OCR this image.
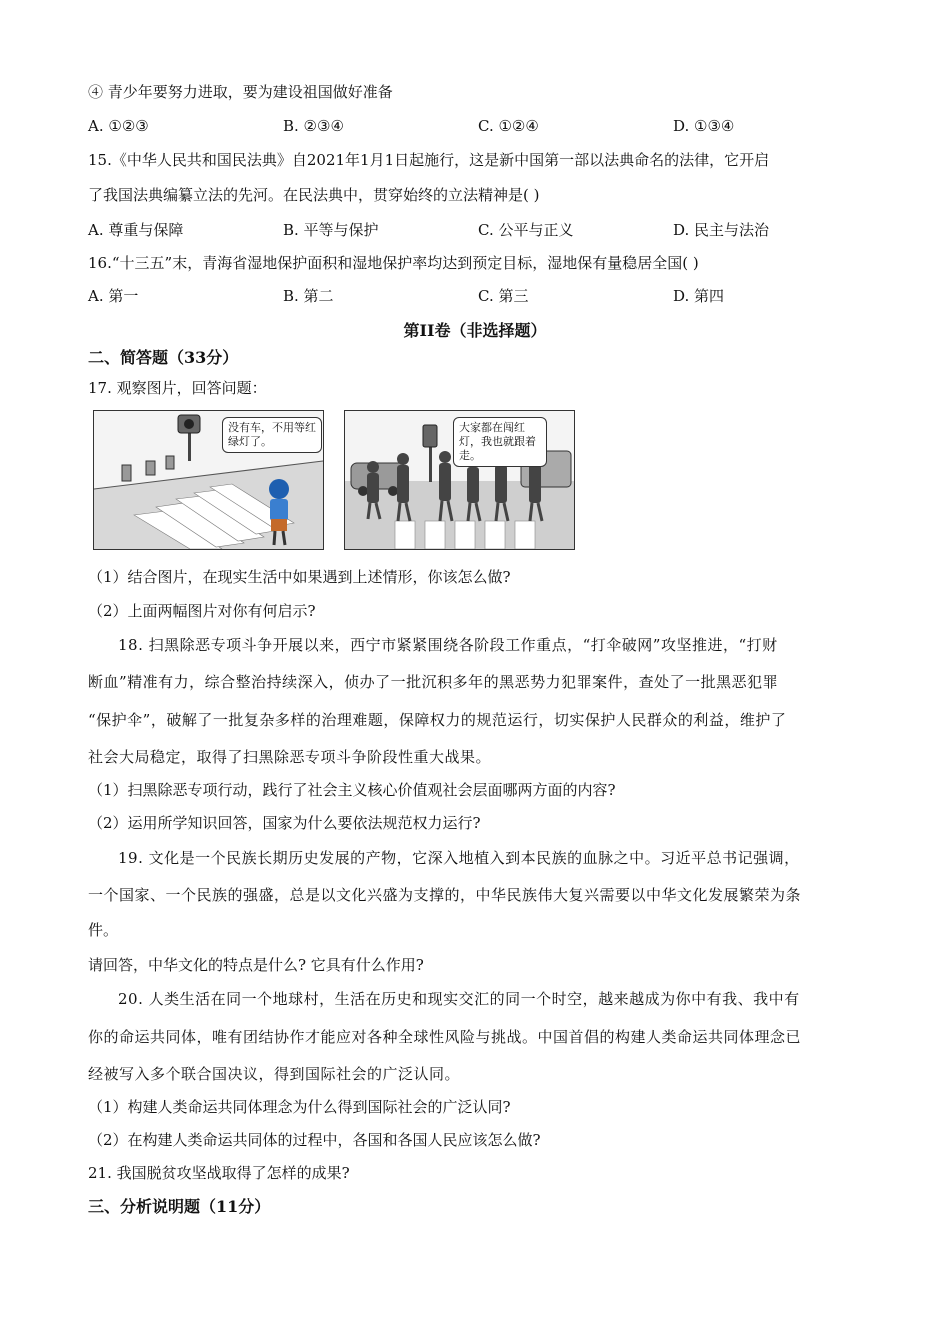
④ 青少年要努力进取，要为建设祖国做好准备
A. ①②③	B. ②③④	C. ①②④	D. ①③④
15.《中华人民共和国民法典》自2021年1月1日起施行，这是新中国第一部以法典命名的法律，它开启
了我国法典编纂立法的先河。在民法典中，贯穿始终的立法精神是( )
A. 尊重与保障	B. 平等与保护	C. 公平与正义	D. 民主与法治
16.“十三五”末，青海省湿地保护面积和湿地保护率均达到预定目标，湿地保有量稳居全国( )
A. 第一	B. 第二	C. 第三	D. 第四
第II卷（非选择题）
二、简答题（33分）
17. 观察图片，回答问题：
没有车，不用等红绿灯了。
大家都在闯红灯，我也就跟着走。
（1）结合图片，在现实生活中如果遇到上述情形，你该怎么做?
（2）上面两幅图片对你有何启示?
18. 扫黑除恶专项斗争开展以来，西宁市紧紧围绕各阶段工作重点，“打伞破网”攻坚推进，“打财
断血”精准有力，综合整治持续深入，侦办了一批沉积多年的黑恶势力犯罪案件，查处了一批黑恶犯罪
“保护伞”，破解了一批复杂多样的治理难题，保障权力的规范运行，切实保护人民群众的利益，维护了
社会大局稳定，取得了扫黑除恶专项斗争阶段性重大战果。
（1）扫黑除恶专项行动，践行了社会主义核心价值观社会层面哪两方面的内容?
（2）运用所学知识回答，国家为什么要依法规范权力运行?
19. 文化是一个民族长期历史发展的产物，它深入地植入到本民族的血脉之中。习近平总书记强调，
一个国家、一个民族的强盛，总是以文化兴盛为支撑的，中华民族伟大复兴需要以中华文化发展繁荣为条
件。
请回答，中华文化的特点是什么? 它具有什么作用?
20. 人类生活在同一个地球村，生活在历史和现实交汇的同一个时空，越来越成为你中有我、我中有
你的命运共同体，唯有团结协作才能应对各种全球性风险与挑战。中国首倡的构建人类命运共同体理念已
经被写入多个联合国决议，得到国际社会的广泛认同。
（1）构建人类命运共同体理念为什么得到国际社会的广泛认同?
（2）在构建人类命运共同体的过程中，各国和各国人民应该怎么做?
21. 我国脱贫攻坚战取得了怎样的成果?
三、分析说明题（11分）
